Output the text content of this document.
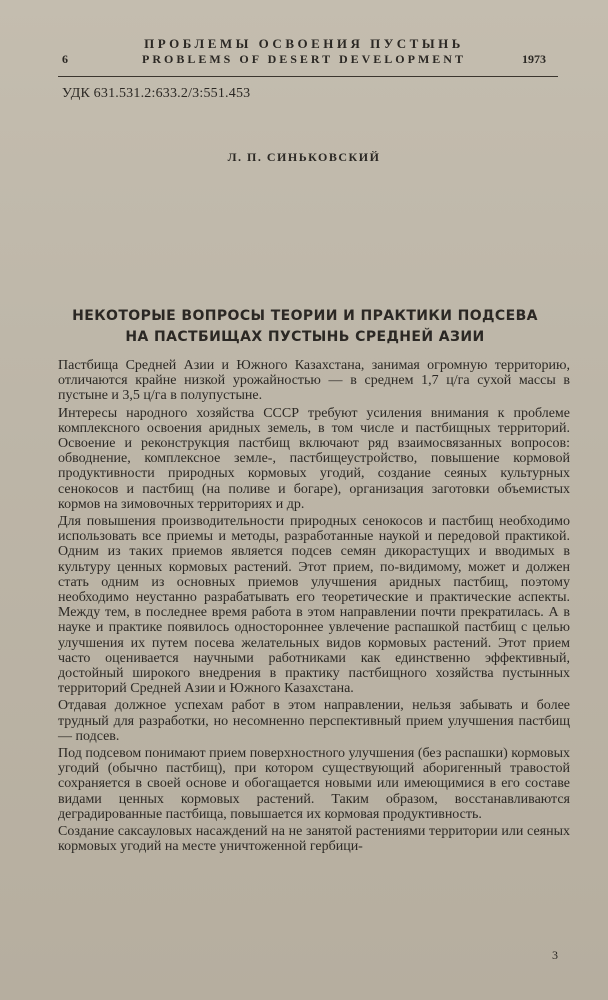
6
ПРОБЛЕМЫ ОСВОЕНИЯ ПУСТЫНЬ
PROBLEMS OF DESERT DEVELOPMENT	1973
УДК 631.531.2:633.2/3:551.453
Л. П. СИНЬКОВСКИЙ
НЕКОТОРЫЕ ВОПРОСЫ ТЕОРИИ И ПРАКТИКИ ПОДСЕВА
НА ПАСТБИЩАХ ПУСТЫНЬ СРЕДНЕЙ АЗИИ

Пастбища Средней Азии и Южного Казахстана, занимая огромную территорию, отличаются крайне низкой урожайностью — в среднем 1,7 ц/га сухой массы в пустыне и 3,5 ц/га в полупустыне.

Интересы народного хозяйства СССР требуют усиления внимания к проблеме комплексного освоения аридных земель, в том числе и пастбищных территорий. Освоение и реконструкция пастбищ включают ряд взаимосвязанных вопросов: обводнение, комплексное земле-, пастбищеустройство, повышение кормовой продуктивности природных кормовых угодий, создание сеяных культурных сенокосов и пастбищ (на поливе и богаре), организация заготовки объемистых кормов на зимовочных территориях и др.

Для повышения производительности природных сенокосов и пастбищ необходимо использовать все приемы и методы, разработанные наукой и передовой практикой. Одним из таких приемов является подсев семян дикорастущих и вводимых в культуру ценных кормовых растений. Этот прием, по-видимому, может и должен стать одним из основных приемов улучшения аридных пастбищ, поэтому необходимо неустанно разрабатывать его теоретические и практические аспекты. Между тем, в последнее время работа в этом направлении почти прекратилась. А в науке и практике появилось одностороннее увлечение распашкой пастбищ с целью улучшения их путем посева желательных видов кормовых растений. Этот прием часто оценивается научными работниками как единственно эффективный, достойный широкого внедрения в практику пастбищного хозяйства пустынных территорий Средней Азии и Южного Казахстана.

Отдавая должное успехам работ в этом направлении, нельзя забывать и более трудный для разработки, но несомненно перспективный прием улучшения пастбищ — подсев.

Под подсевом понимают прием поверхностного улучшения (без распашки) кормовых угодий (обычно пастбищ), при котором существующий аборигенный травостой сохраняется в своей основе и обогащается новыми или имеющимися в его составе видами ценных кормовых растений. Таким образом, восстанавливаются деградированные пастбища, повышается их кормовая продуктивность.

Создание саксауловых насаждений на не занятой растениями территории или сеяных кормовых угодий на месте уничтоженной гербици-

3
